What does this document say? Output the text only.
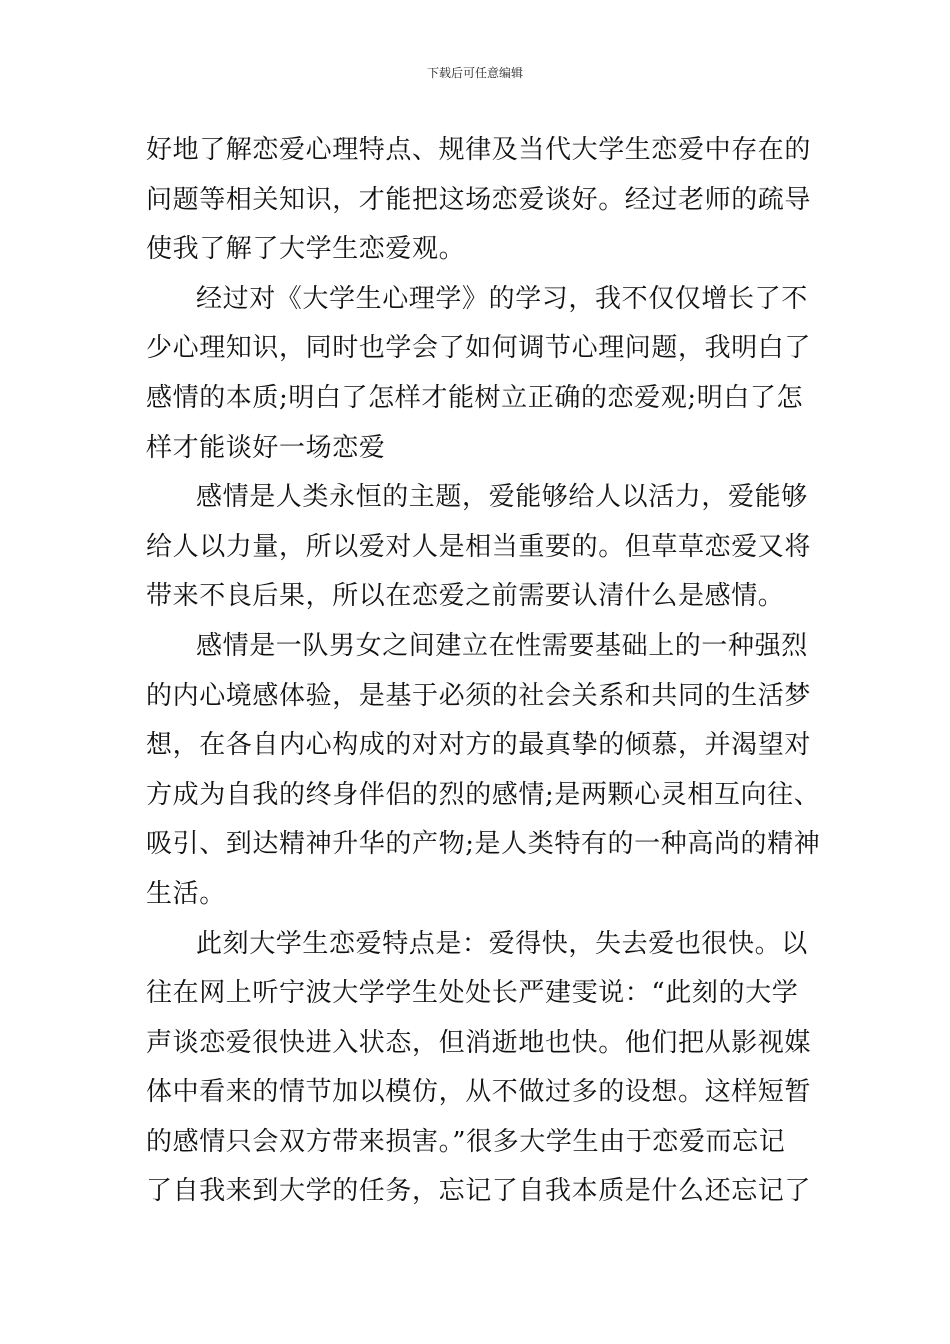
下载后可任意编辑
好地了解恋爱心理特点、规律及当代大学生恋爱中存在的
问题等相关知识，才能把这场恋爱谈好。经过老师的疏导
使我了解了大学生恋爱观。
经过对《大学生心理学》的学习，我不仅仅增长了不
少心理知识，同时也学会了如何调节心理问题，我明白了
感情的本质;明白了怎样才能树立正确的恋爱观;明白了怎
样才能谈好一场恋爱
感情是人类永恒的主题，爱能够给人以活力，爱能够
给人以力量，所以爱对人是相当重要的。但草草恋爱又将
带来不良后果，所以在恋爱之前需要认清什么是感情。
感情是一队男女之间建立在性需要基础上的一种强烈
的内心境感体验，是基于必须的社会关系和共同的生活梦
想，在各自内心构成的对对方的最真挚的倾慕，并渴望对
方成为自我的终身伴侣的烈的感情;是两颗心灵相互向往、
吸引、到达精神升华的产物;是人类特有的一种高尚的精神
生活。
此刻大学生恋爱特点是：爱得快，失去爱也很快。以
往在网上听宁波大学学生处处长严建雯说：“此刻的大学
声谈恋爱很快进入状态，但消逝地也快。他们把从影视媒
体中看来的情节加以模仿，从不做过多的设想。这样短暂
的感情只会双方带来损害。”很多大学生由于恋爱而忘记
了自我来到大学的任务，忘记了自我本质是什么还忘记了
